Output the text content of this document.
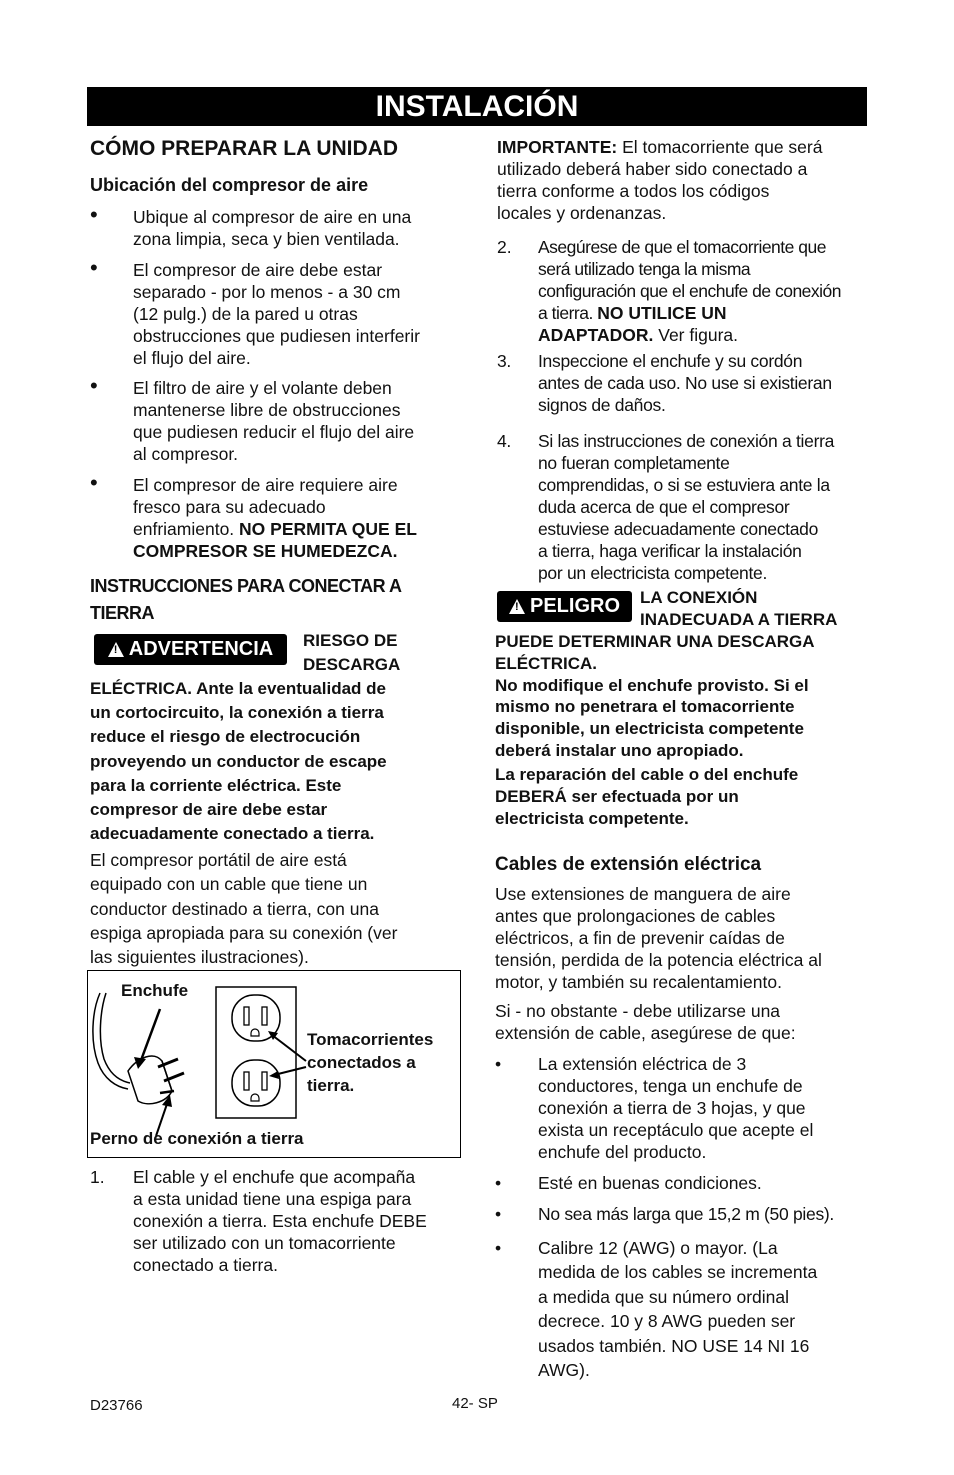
INSTALACIÓN
CÓMO PREPARAR LA UNIDAD
Ubicación del compresor de aire
• Ubique al compresor de aire en una
zona limpia, seca y bien ventilada.
• El compresor de aire debe estar
separado - por lo menos - a 30 cm
(12 pulg.) de la pared u otras
obstrucciones que pudiesen interferir
el flujo del aire.
• El filtro de aire y el volante deben
mantenerse libre de obstrucciones
que pudiesen reducir el flujo del aire
al compresor.
• El compresor de aire requiere aire
fresco para su adecuado
enfriamiento. NO PERMITA QUE EL
COMPRESOR SE HUMEDEZCA.
INSTRUCCIONES PARA CONECTAR A
TIERRA
! ADVERTENCIA RIESGO DE
DESCARGA
ELÉCTRICA. Ante la eventualidad de
un cortocircuito, la conexión a tierra
reduce el riesgo de electrocución
proveyendo un conductor de escape
para la corriente eléctrica. Este
compresor de aire debe estar
adecuadamente conectado a tierra.
El compresor portátil de aire está
equipado con un cable que tiene un
conductor destinado a tierra, con una
espiga apropiada para su conexión (ver
las siguientes ilustraciones).
Enchufe
Tomacorrientes
conectados a
tierra.
Perno de conexión a tierra
1. El cable y el enchufe que acompaña
a esta unidad tiene una espiga para
conexión a tierra. Esta enchufe DEBE
ser utilizado con un tomacorriente
conectado a tierra.
IMPORTANTE: El tomacorriente que será
utilizado deberá haber sido conectado a
tierra conforme a todos los códigos
locales y ordenanzas.
2. Asegúrese de que el tomacorriente que
será utilizado tenga la misma
configuración que el enchufe de conexión
a tierra. NO UTILICE UN
ADAPTADOR. Ver figura.
3. Inspeccione el enchufe y su cordón
antes de cada uso. No use si existieran
signos de daños.
4. Si las instrucciones de conexión a tierra
no fueran completamente
comprendidas, o si se estuviera ante la
duda acerca de que el compresor
estuviese adecuadamente conectado
a tierra, haga verificar la instalación
por un electricista competente.
! PELIGRO LA CONEXIÓN
INADECUADA A TIERRA
PUEDE DETERMINAR UNA DESCARGA
ELÉCTRICA.
No modifique el enchufe provisto. Si el
mismo no penetrara el tomacorriente
disponible, un electricista competente
deberá instalar uno apropiado.
La reparación del cable o del enchufe
DEBERÁ ser efectuada por un
electricista competente.
Cables de extensión eléctrica
Use extensiones de manguera de aire
antes que prolongaciones de cables
eléctricos, a fin de prevenir caídas de
tensión, perdida de la potencia eléctrica al
motor, y también su recalentamiento.
Si - no obstante - debe utilizarse una
extensión de cable, asegúrese de que:
• La extensión eléctrica de 3
conductores, tenga un enchufe de
conexión a tierra de 3 hojas, y que
exista un receptáculo que acepte el
enchufe del producto.
• Esté en buenas condiciones.
• No sea más larga que 15,2 m (50 pies).
• Calibre 12 (AWG) o mayor. (La
medida de los cables se incrementa
a medida que su número ordinal
decrece. 10 y 8 AWG pueden ser
usados también. NO USE 14 NI 16
AWG).
D23766	42- SP
